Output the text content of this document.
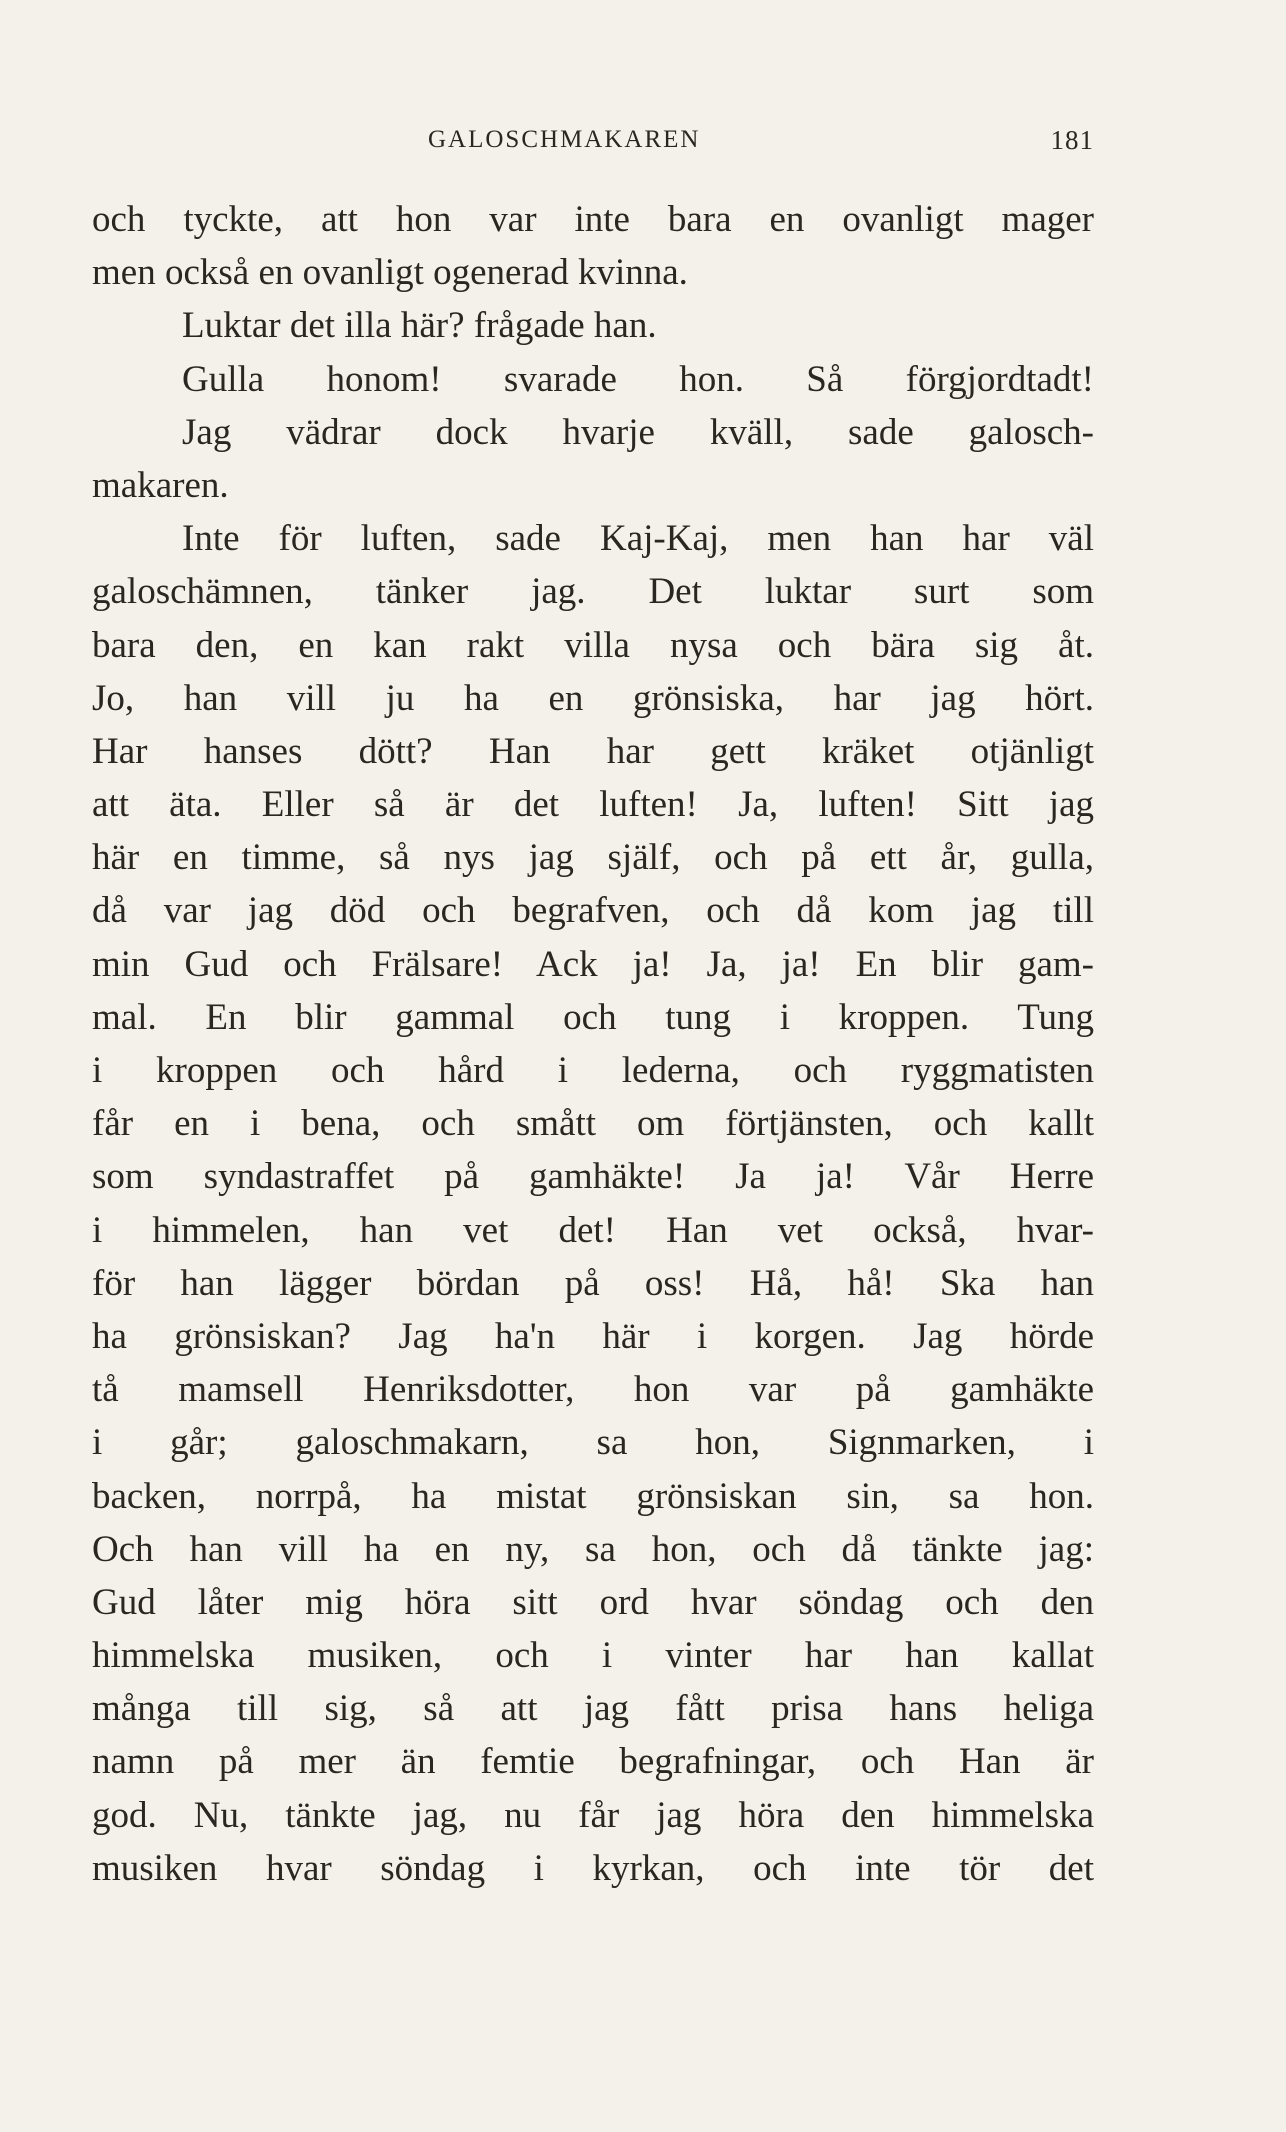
GALOSCHMAKAREN	181
och tyckte, att hon var inte bara en ovanligt mager
men också en ovanligt ogenerad kvinna.
Luktar det illa här? frågade han.
Gulla honom! svarade hon. Så förgjordtadt!
Jag vädrar dock hvarje kväll, sade galosch-
makaren.
Inte för luften, sade Kaj-Kaj, men han har väl
galoschämnen, tänker jag. Det luktar surt som
bara den, en kan rakt villa nysa och bära sig åt.
Jo, han vill ju ha en grönsiska, har jag hört.
Har hanses dött? Han har gett kräket otjänligt
att äta. Eller så är det luften! Ja, luften! Sitt jag
här en timme, så nys jag själf, och på ett år, gulla,
då var jag död och begrafven, och då kom jag till
min Gud och Frälsare! Ack ja! Ja, ja! En blir gam-
mal. En blir gammal och tung i kroppen. Tung
i kroppen och hård i lederna, och ryggmatisten
får en i bena, och smått om förtjänsten, och kallt
som syndastraffet på gamhäkte! Ja ja! Vår Herre
i himmelen, han vet det! Han vet också, hvar-
för han lägger bördan på oss! Hå, hå! Ska han
ha grönsiskan? Jag ha'n här i korgen. Jag hörde
tå mamsell Henriksdotter, hon var på gamhäkte
i går; galoschmakarn, sa hon, Signmarken, i
backen, norrpå, ha mistat grönsiskan sin, sa hon.
Och han vill ha en ny, sa hon, och då tänkte jag:
Gud låter mig höra sitt ord hvar söndag och den
himmelska musiken, och i vinter har han kallat
många till sig, så att jag fått prisa hans heliga
namn på mer än femtie begrafningar, och Han är
god. Nu, tänkte jag, nu får jag höra den himmelska
musiken hvar söndag i kyrkan, och inte tör det
